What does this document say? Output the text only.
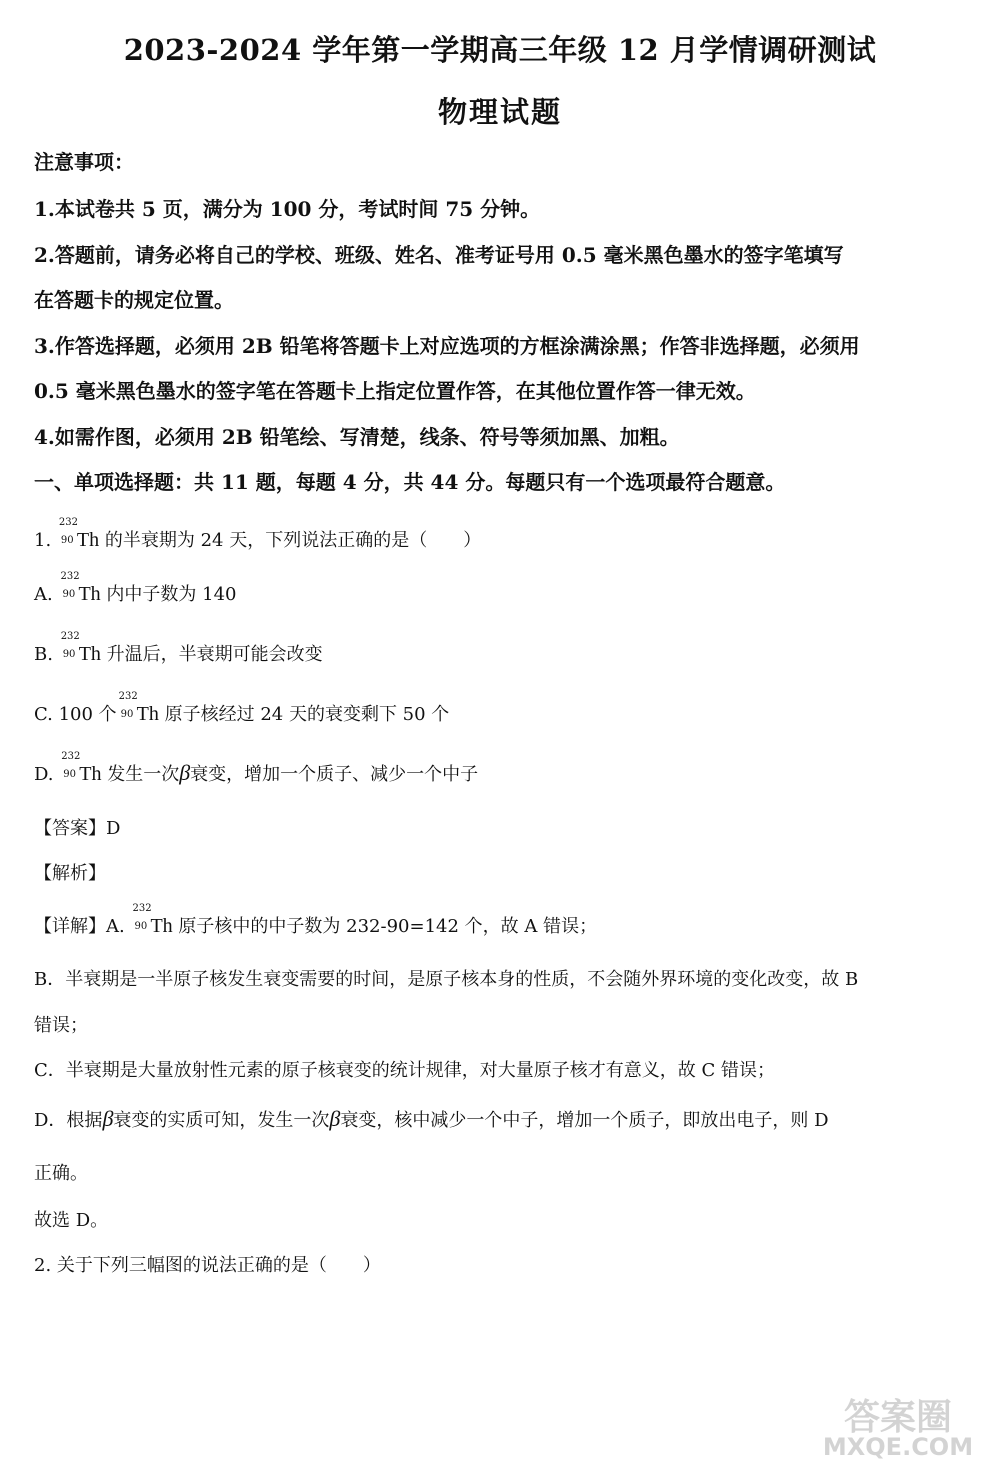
2023-2024 学年第一学期高三年级 12 月学情调研测试
物理试题
注意事项：
1.本试卷共 5 页，满分为 100 分，考试时间 75 分钟。
2.答题前，请务必将自己的学校、班级、姓名、准考证号用 0.5 毫米黑色墨水的签字笔填写
在答题卡的规定位置。
3.作答选择题，必须用 2B 铅笔将答题卡上对应选项的方框涂满涂黑；作答非选择题，必须用
0.5 毫米黑色墨水的签字笔在答题卡上指定位置作答，在其他位置作答一律无效。
4.如需作图，必须用 2B 铅笔绘、写清楚，线条、符号等须加黑、加粗。
一、单项选择题：共 11 题，每题 4 分，共 44 分。每题只有一个选项最符合题意。
1.
232
90 Th 的半衰期为 24 天，下列说法正确的是（　　）
A.
232
90 Th 内中子数为 140
B.
232
90 Th 升温后，半衰期可能会改变
C. 100 个
232
90 Th 原子核经过 24 天的衰变剩下 50 个
D.
232
90 Th 发生一次β衰变，增加一个质子、减少一个中子
【答案】D
【解析】
【详解】A.
232
90 Th 原子核中的中子数为 232-90=142 个，故 A 错误；
B．半衰期是一半原子核发生衰变需要的时间，是原子核本身的性质，不会随外界环境的变化改变，故 B
错误；
C．半衰期是大量放射性元素的原子核衰变的统计规律，对大量原子核才有意义，故 C 错误；
D．根据β衰变的实质可知，发生一次β衰变，核中减少一个中子，增加一个质子，即放出电子，则 D
正确。
故选 D。
2. 关于下列三幅图的说法正确的是（　　）
答案圈
MXQE.COM
